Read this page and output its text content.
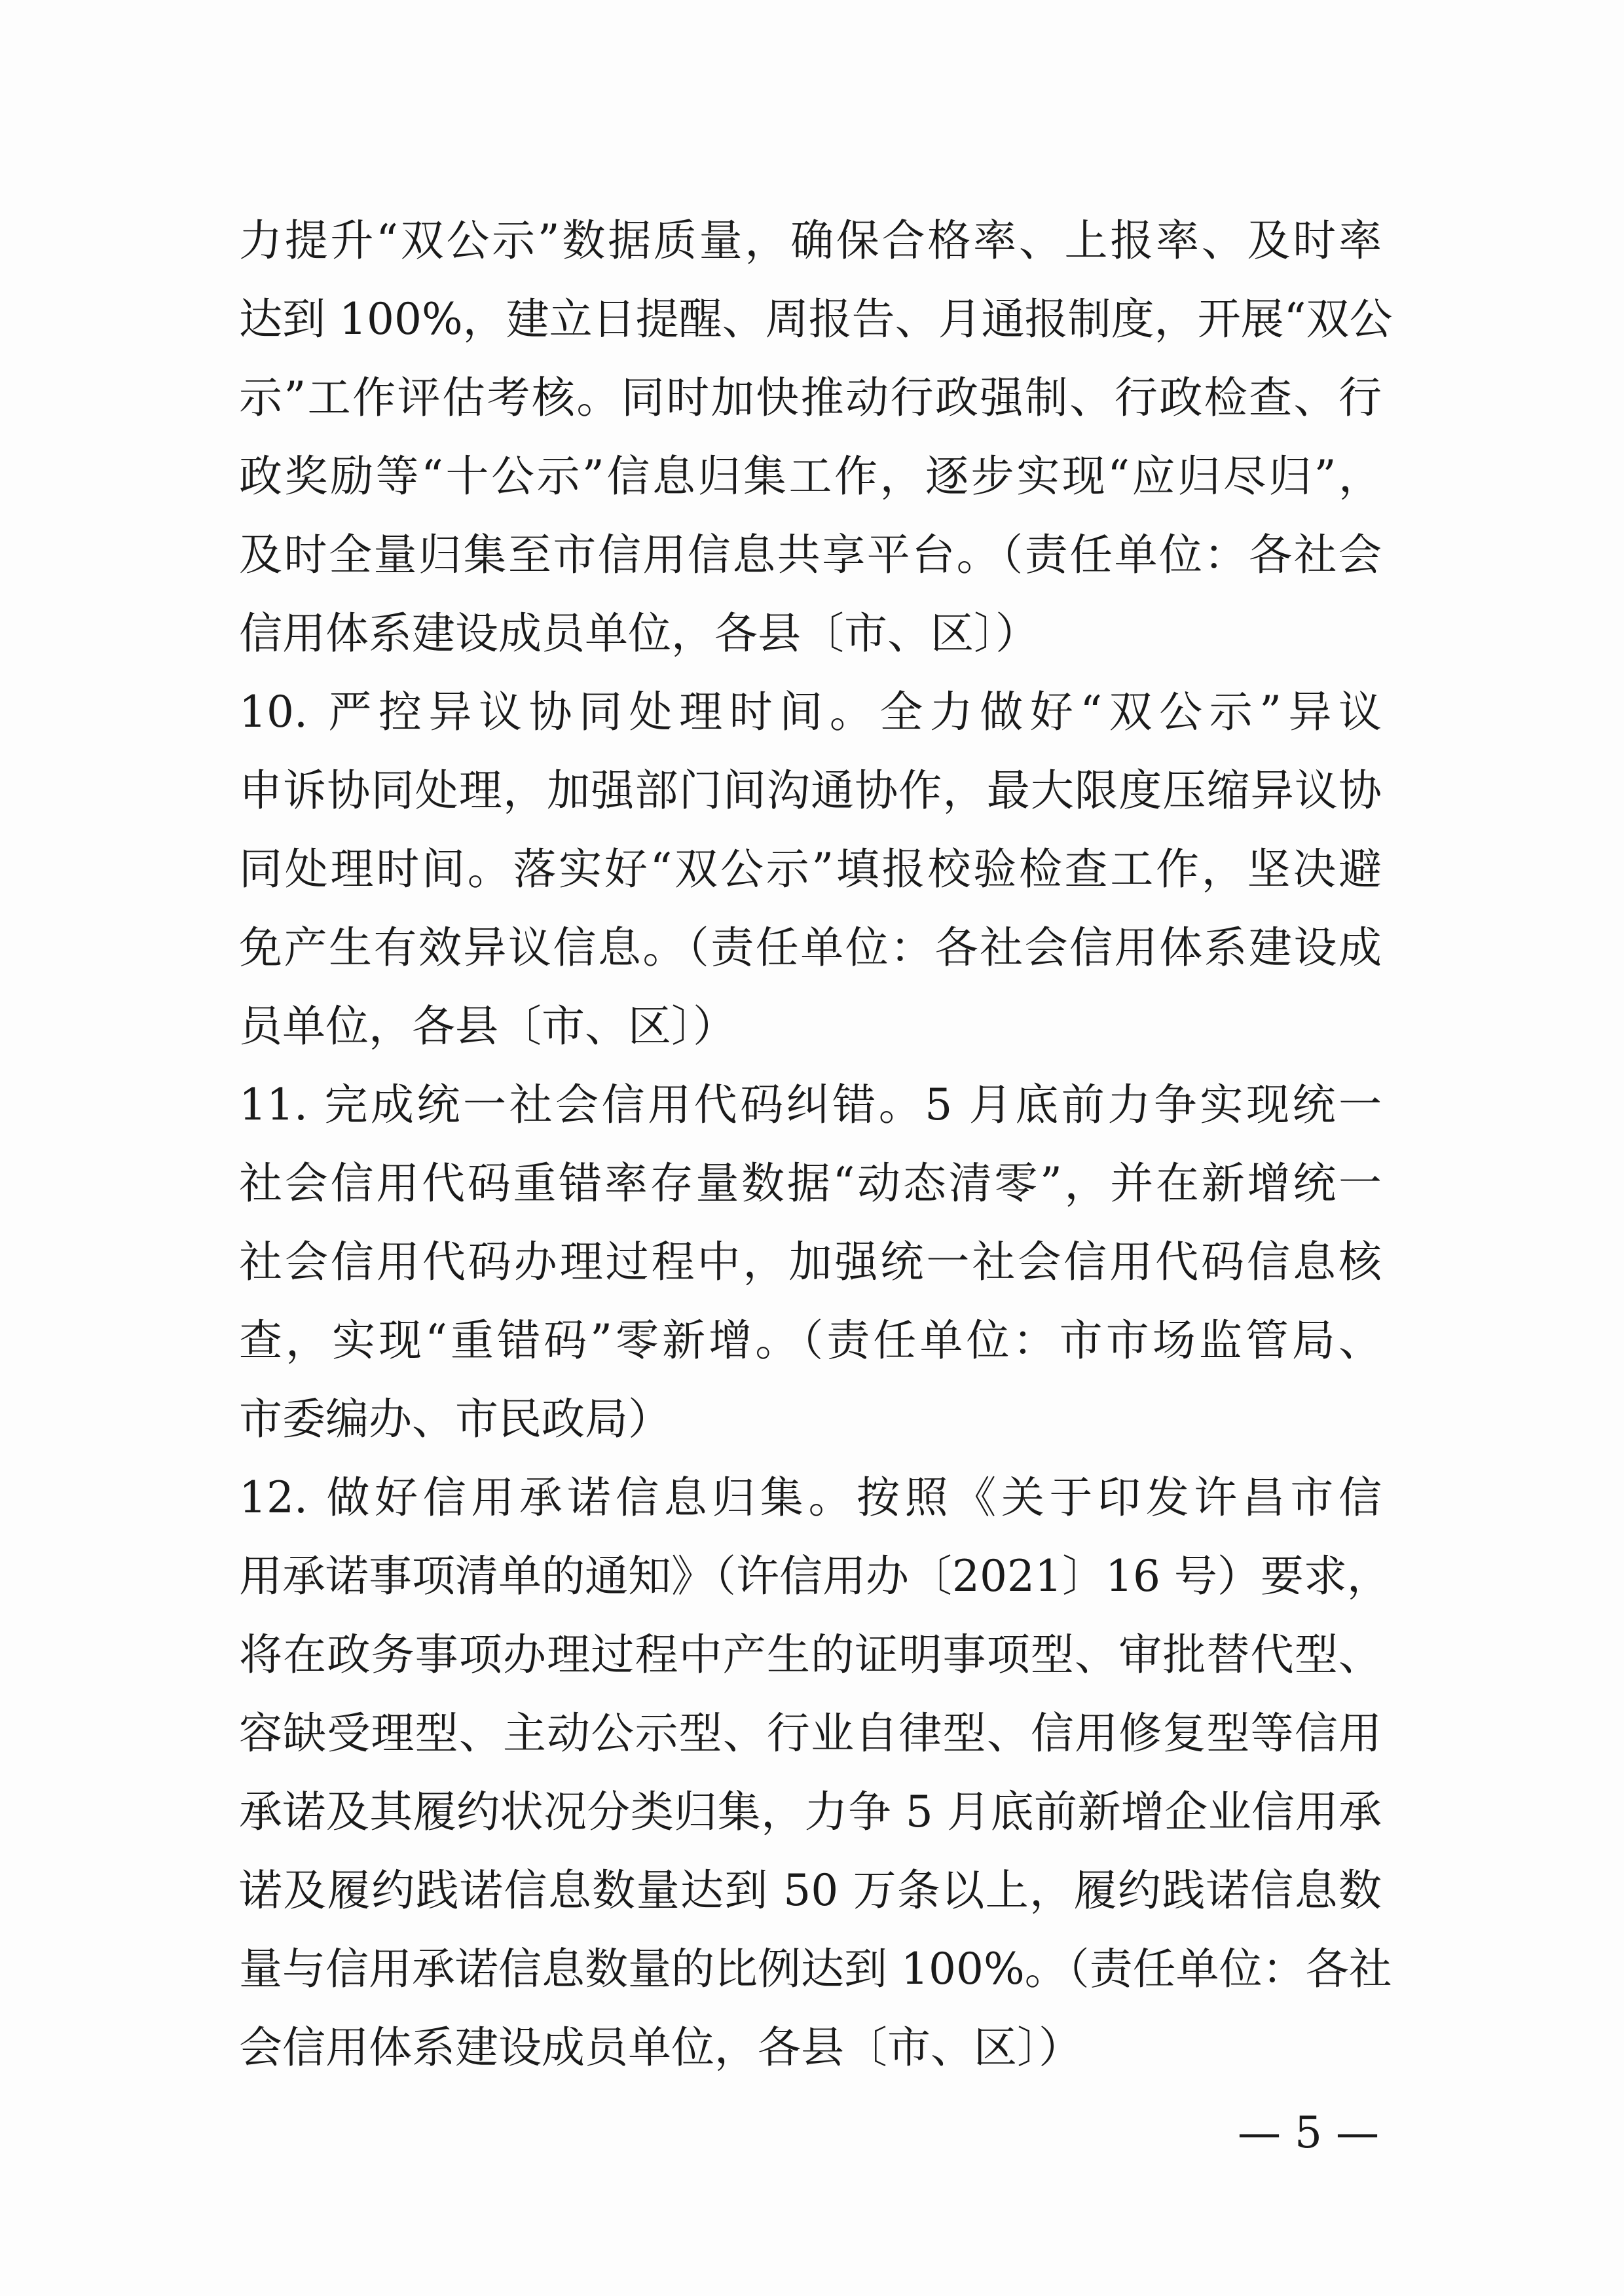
力提升“双公示”数据质量，确保合格率、上报率、及时率
达到 100%，建立日提醒、周报告、月通报制度，开展“双公
示”工作评估考核。同时加快推动行政强制、行政检查、行
政奖励等“十公示”信息归集工作，逐步实现“应归尽归”，
及时全量归集至市信用信息共享平台。（责任单位：各社会
信用体系建设成员单位，各县〔市、区〕）
10. 严控异议协同处理时间。全力做好“双公示”异议
申诉协同处理，加强部门间沟通协作，最大限度压缩异议协
同处理时间。落实好“双公示”填报校验检查工作，坚决避
免产生有效异议信息。（责任单位：各社会信用体系建设成
员单位，各县〔市、区〕）
11. 完成统一社会信用代码纠错。5 月底前力争实现统一
社会信用代码重错率存量数据“动态清零”，并在新增统一
社会信用代码办理过程中，加强统一社会信用代码信息核
查，实现“重错码”零新增。（责任单位：市市场监管局、
市委编办、市民政局）
12. 做好信用承诺信息归集。按照《关于印发许昌市信
用承诺事项清单的通知》（许信用办〔2021〕16 号）要求，
将在政务事项办理过程中产生的证明事项型、审批替代型、
容缺受理型、主动公示型、行业自律型、信用修复型等信用
承诺及其履约状况分类归集，力争 5 月底前新增企业信用承
诺及履约践诺信息数量达到 50 万条以上，履约践诺信息数
量与信用承诺信息数量的比例达到 100%。（责任单位：各社
会信用体系建设成员单位，各县〔市、区〕）
— 5 —
